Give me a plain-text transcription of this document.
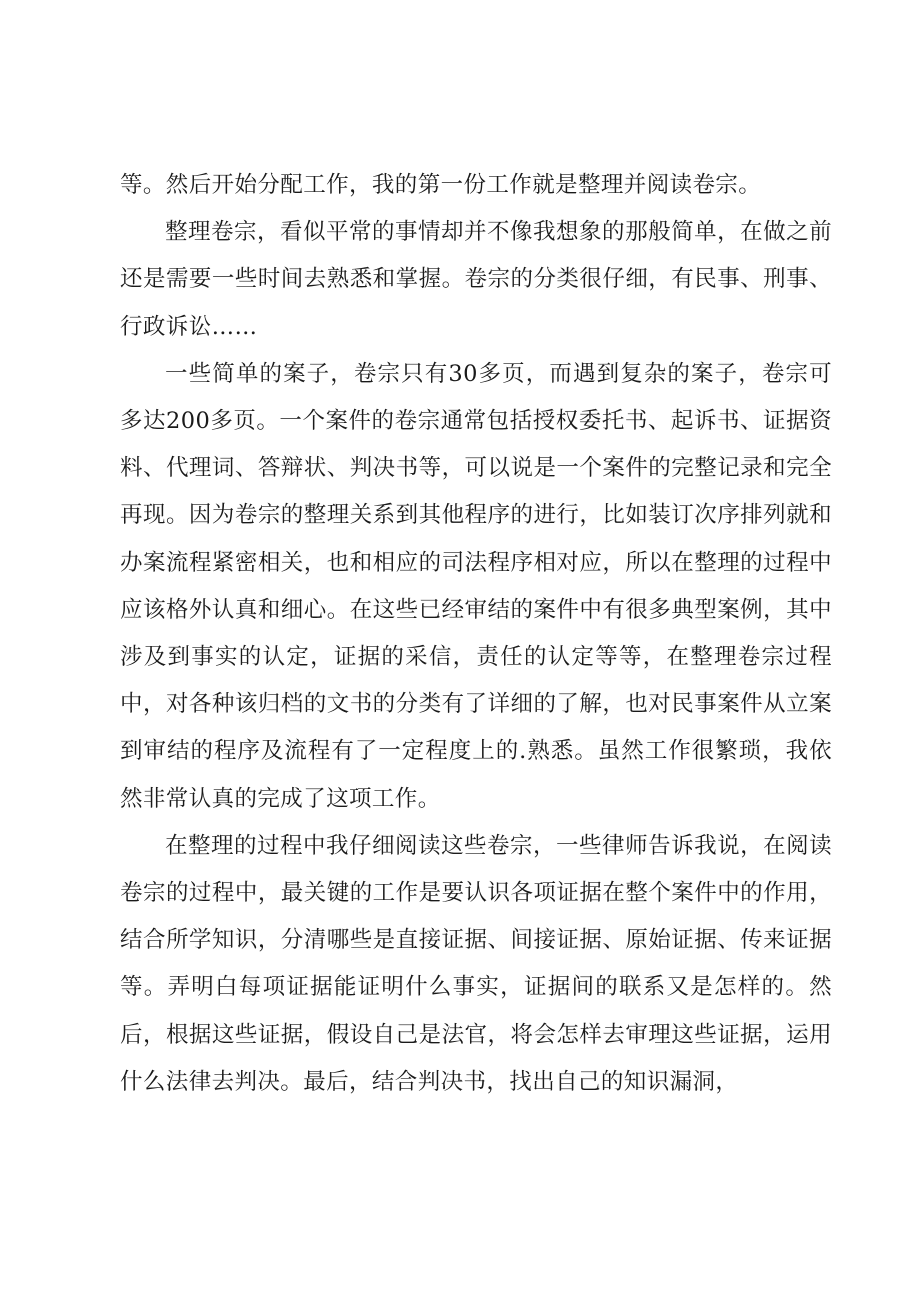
等。然后开始分配工作，我的第一份工作就是整理并阅读卷宗。

整理卷宗，看似平常的事情却并不像我想象的那般简单，在做之前还是需要一些时间去熟悉和掌握。卷宗的分类很仔细，有民事、刑事、行政诉讼……

一些简单的案子，卷宗只有30多页，而遇到复杂的案子，卷宗可多达200多页。一个案件的卷宗通常包括授权委托书、起诉书、证据资料、代理词、答辩状、判决书等，可以说是一个案件的完整记录和完全再现。因为卷宗的整理关系到其他程序的进行，比如装订次序排列就和办案流程紧密相关，也和相应的司法程序相对应，所以在整理的过程中应该格外认真和细心。在这些已经审结的案件中有很多典型案例，其中涉及到事实的认定，证据的采信，责任的认定等等，在整理卷宗过程中，对各种该归档的文书的分类有了详细的了解，也对民事案件从立案到审结的程序及流程有了一定程度上的.熟悉。虽然工作很繁琐，我依然非常认真的完成了这项工作。

在整理的过程中我仔细阅读这些卷宗，一些律师告诉我说，在阅读卷宗的过程中，最关键的工作是要认识各项证据在整个案件中的作用，结合所学知识，分清哪些是直接证据、间接证据、原始证据、传来证据等。弄明白每项证据能证明什么事实，证据间的联系又是怎样的。然后，根据这些证据，假设自己是法官，将会怎样去审理这些证据，运用什么法律去判决。最后，结合判决书，找出自己的知识漏洞，
